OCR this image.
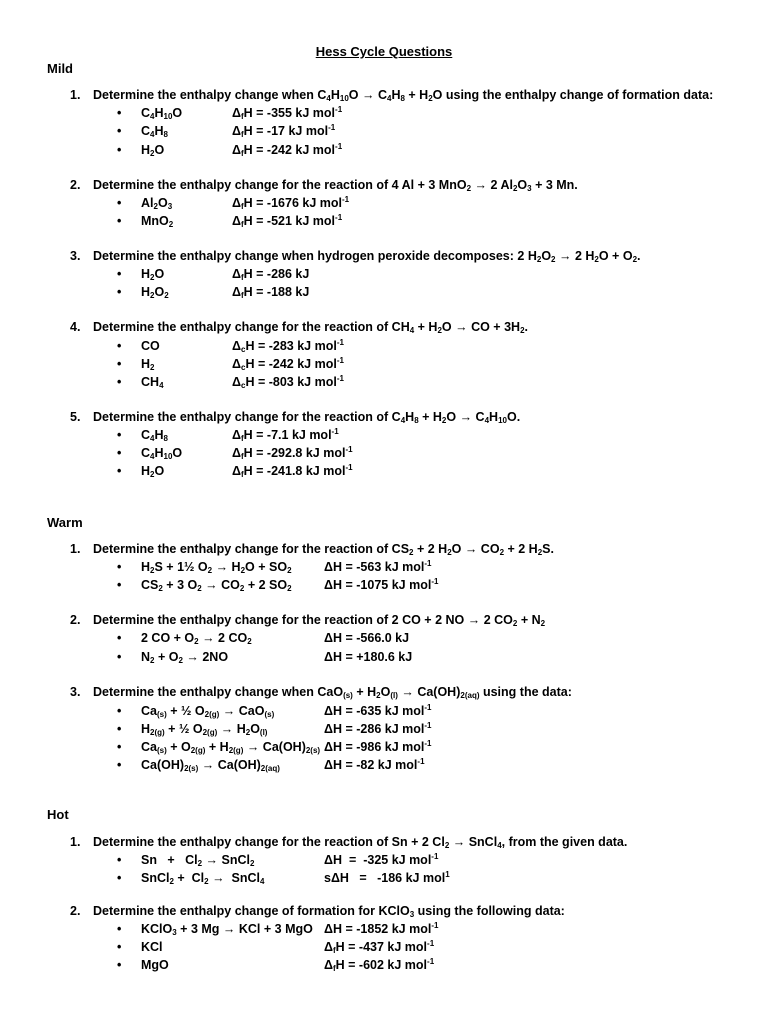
Hess Cycle Questions
Mild
1. Determine the enthalpy change when $C_4H_{10}O \to C_4H_8 + H_2O$ using the enthalpy change of formation data:
• $C_4H_{10}O$	$\Delta_fH = -355$ kJ mol$^{-1}$
• $C_4H_8$	$\Delta_fH = -17$ kJ mol$^{-1}$
• $H_2O$	$\Delta_fH = -242$ kJ mol$^{-1}$
2. Determine the enthalpy change for the reaction of 4 Al + 3 MnO$_2$ → 2 $Al_2O_3 + 3$ Mn.
• $Al_2O_3$	$\Delta_fH = -1676$ kJ mol$^{-1}$
• MnO$_2$	$\Delta_fH = -521$ kJ mol$^{-1}$
3. Determine the enthalpy change when hydrogen peroxide decomposes: 2 $H_2O_2 \to 2$ $H_2O + O_2$.
• $H_2O$	$\Delta_fH = -286$ kJ
• $H_2O_2$	$\Delta_fH = -188$ kJ
4. Determine the enthalpy change for the reaction of $CH_4 + H_2O$ → CO + $3H_2$.
• CO	$\Delta_cH = -283$ kJ mol$^{-1}$
• $H_2$	$\Delta_cH = -242$ kJ mol$^{-1}$
• $CH_4$	$\Delta_cH = -803$ kJ mol$^{-1}$
5. Determine the enthalpy change for the reaction of $C_4H_8 + H_2O \to C_4H_{10}O$.
• $C_4H_8$	$\Delta_fH = -7.1$ kJ mol$^{-1}$
• $C_4H_{10}O$	$\Delta_fH = -292.8$ kJ mol$^{-1}$
• $H_2O$	$\Delta_fH = -241.8$ kJ mol$^{-1}$
Warm
1. Determine the enthalpy change for the reaction of $CS_2 + 2$ $H_2O \to CO_2 + 2$ $H_2S$.
• $H_2S$ + 1½ $O_2 \to H_2O + SO_2$	ΔH = -563 kJ mol$^{-1}$
• $CS_2 + 3$ $O_2 \to CO_2 + 2$ $SO_2$	ΔH = -1075 kJ mol$^{-1}$
2. Determine the enthalpy change for the reaction of 2 CO + 2 NO → 2 $CO_2 + N_2$
• 2 CO + $O_2 \to 2$ $CO_2$	ΔH = -566.0 kJ
• $N_2 + O_2 \to 2NO$	ΔH = +180.6 kJ
3. Determine the enthalpy change when $CaO_{(s)} + H_2O_{(l)} \to Ca(OH)_{2(aq)}$ using the data:
• $Ca_{(s)}$ + ½ $O_{2(g)} \to CaO_{(s)}$	ΔH = -635 kJ mol$^{-1}$
• $H_{2(g)}$ + ½ $O_{2(g)} \to H_2O_{(l)}$	ΔH = -286 kJ mol$^{-1}$
• $Ca_{(s)} + O_{2(g)} + H_{2(g)} \to Ca(OH)_{2(s)}$ ΔH = -986 kJ mol$^{-1}$
• $Ca(OH)_{2(s)} \to Ca(OH)_{2(aq)}$	ΔH = -82 kJ mol$^{-1}$
Hot
1. Determine the enthalpy change for the reaction of Sn + 2 $Cl_2$ → SnCl$_4$, from the given data.
• $Sn + Cl_2$ → SnCl$_2$	ΔH  =  -325 kJ mol$^{-1}$
• SnCl$_2$ +  $Cl_2$ →  SnCl$_4$	sΔH   =   -186 kJ mol$^1$
2. Determine the enthalpy change of formation for KClO$_3$ using the following data:
• KClO$_3$ + 3 Mg → KCl + 3 MgO ΔH = -1852 kJ mol$^{-1}$
• KCl	$\Delta_fH = -437$ kJ mol$^{-1}$
• MgO	$\Delta_fH = -602$ kJ mol$^{-1}$
